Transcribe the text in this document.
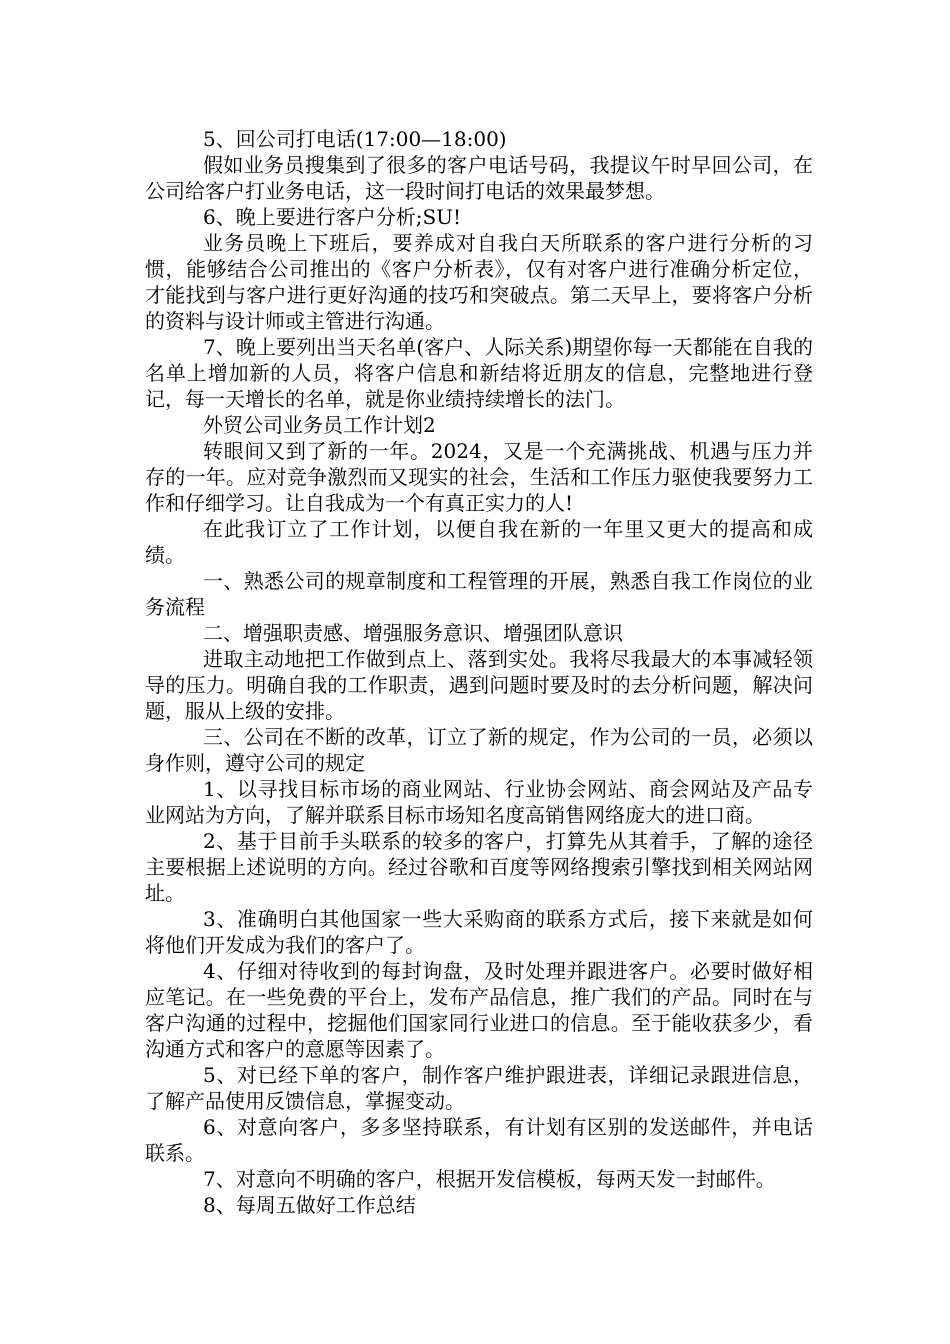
5、回公司打电话(17:00—18:00)

假如业务员搜集到了很多的客户电话号码，我提议午时早回公司，在公司给客户打业务电话，这一段时间打电话的效果最梦想。

6、晚上要进行客户分析;SU!

业务员晚上下班后，要养成对自我白天所联系的客户进行分析的习惯，能够结合公司推出的《客户分析表》，仅有对客户进行准确分析定位，才能找到与客户进行更好沟通的技巧和突破点。第二天早上，要将客户分析的资料与设计师或主管进行沟通。

7、晚上要列出当天名单(客户、人际关系)期望你每一天都能在自我的名单上增加新的人员，将客户信息和新结将近朋友的信息，完整地进行登记，每一天增长的名单，就是你业绩持续增长的法门。

外贸公司业务员工作计划2

转眼间又到了新的一年。2024，又是一个充满挑战、机遇与压力并存的一年。应对竞争激烈而又现实的社会，生活和工作压力驱使我要努力工作和仔细学习。让自我成为一个有真正实力的人!

在此我订立了工作计划，以便自我在新的一年里又更大的提高和成绩。

一、熟悉公司的规章制度和工程管理的开展，熟悉自我工作岗位的业务流程

二、增强职责感、增强服务意识、增强团队意识

进取主动地把工作做到点上、落到实处。我将尽我最大的本事减轻领导的压力。明确自我的工作职责，遇到问题时要及时的去分析问题，解决问题，服从上级的安排。

三、公司在不断的改革，订立了新的规定，作为公司的一员，必须以身作则，遵守公司的规定

1、以寻找目标市场的商业网站、行业协会网站、商会网站及产品专业网站为方向，了解并联系目标市场知名度高销售网络庞大的进口商。

2、基于目前手头联系的较多的客户，打算先从其着手，了解的途径主要根据上述说明的方向。经过谷歌和百度等网络搜索引擎找到相关网站网址。

3、准确明白其他国家一些大采购商的联系方式后，接下来就是如何将他们开发成为我们的客户了。

4、仔细对待收到的每封询盘，及时处理并跟进客户。必要时做好相应笔记。在一些免费的平台上，发布产品信息，推广我们的产品。同时在与客户沟通的过程中，挖掘他们国家同行业进口的信息。至于能收获多少，看沟通方式和客户的意愿等因素了。

5、对已经下单的客户，制作客户维护跟进表，详细记录跟进信息，了解产品使用反馈信息，掌握变动。

6、对意向客户，多多坚持联系，有计划有区别的发送邮件，并电话联系。

7、对意向不明确的客户，根据开发信模板，每两天发一封邮件。

8、每周五做好工作总结
